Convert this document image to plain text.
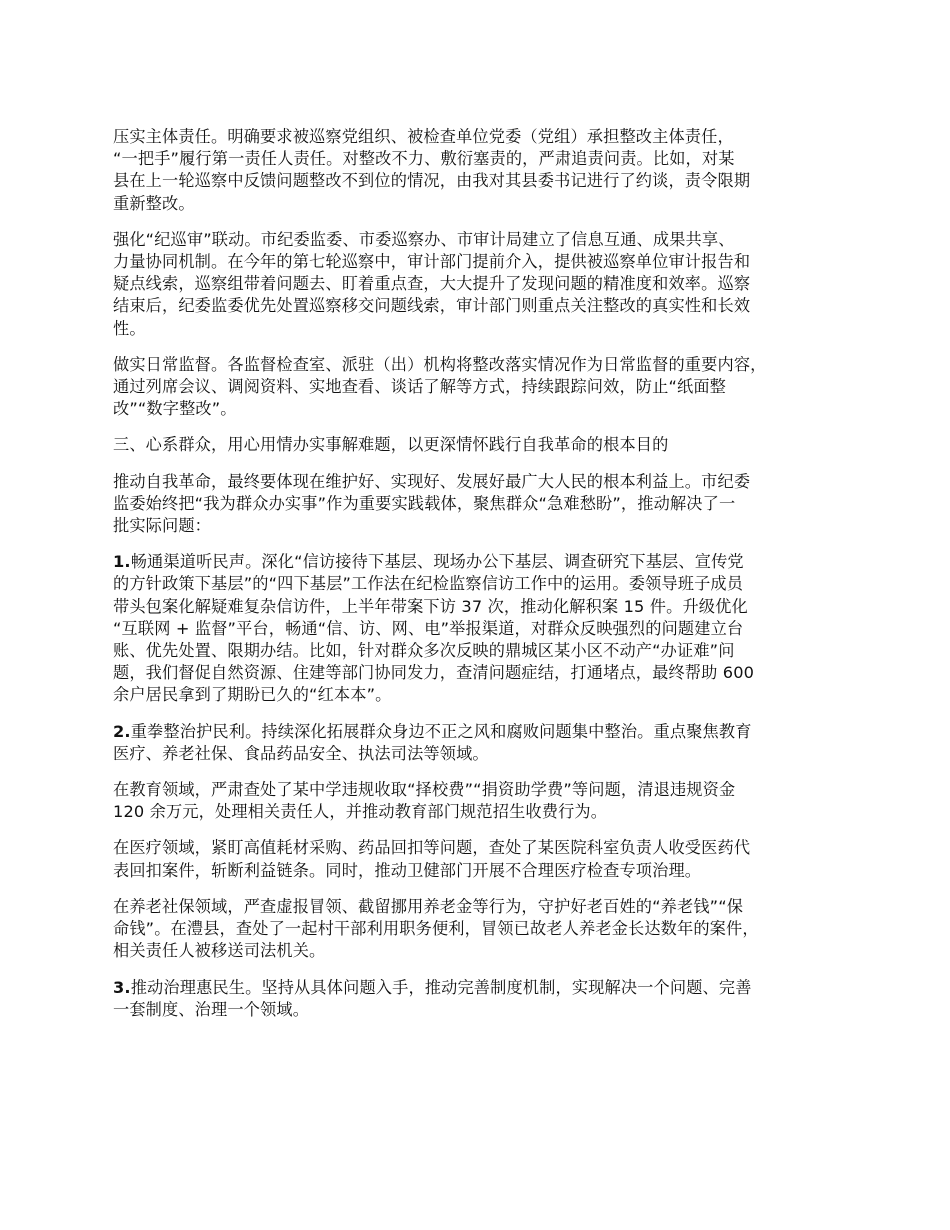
压实主体责任。明确要求被巡察党组织、被检查单位党委（党组）承担整改主体责任，
“一把手”履行第一责任人责任。对整改不力、敷衍塞责的，严肃追责问责。比如，对某
县在上一轮巡察中反馈问题整改不到位的情况，由我对其县委书记进行了约谈，责令限期
重新整改。

强化“纪巡审”联动。市纪委监委、市委巡察办、市审计局建立了信息互通、成果共享、
力量协同机制。在今年的第七轮巡察中，审计部门提前介入，提供被巡察单位审计报告和
疑点线索，巡察组带着问题去、盯着重点查，大大提升了发现问题的精准度和效率。巡察
结束后，纪委监委优先处置巡察移交问题线索，审计部门则重点关注整改的真实性和长效
性。

做实日常监督。各监督检查室、派驻（出）机构将整改落实情况作为日常监督的重要内容，
通过列席会议、调阅资料、实地查看、谈话了解等方式，持续跟踪问效，防止“纸面整
改”“数字整改”。

三、心系群众，用心用情办实事解难题，以更深情怀践行自我革命的根本目的

推动自我革命，最终要体现在维护好、实现好、发展好最广大人民的根本利益上。市纪委
监委始终把“我为群众办实事”作为重要实践载体，聚焦群众“急难愁盼”，推动解决了一
批实际问题：

1.畅通渠道听民声。深化“信访接待下基层、现场办公下基层、调查研究下基层、宣传党
的方针政策下基层”的“四下基层”工作法在纪检监察信访工作中的运用。委领导班子成员
带头包案化解疑难复杂信访件，上半年带案下访 37 次，推动化解积案 15 件。升级优化
“互联网 + 监督”平台，畅通“信、访、网、电”举报渠道，对群众反映强烈的问题建立台
账、优先处置、限期办结。比如，针对群众多次反映的鼎城区某小区不动产“办证难”问
题，我们督促自然资源、住建等部门协同发力，查清问题症结，打通堵点，最终帮助 600
余户居民拿到了期盼已久的“红本本”。

2.重拳整治护民利。持续深化拓展群众身边不正之风和腐败问题集中整治。重点聚焦教育
医疗、养老社保、食品药品安全、执法司法等领域。

在教育领域，严肃查处了某中学违规收取“择校费”“捐资助学费”等问题，清退违规资金
120 余万元，处理相关责任人，并推动教育部门规范招生收费行为。

在医疗领域，紧盯高值耗材采购、药品回扣等问题，查处了某医院科室负责人收受医药代
表回扣案件，斩断利益链条。同时，推动卫健部门开展不合理医疗检查专项治理。

在养老社保领域，严查虚报冒领、截留挪用养老金等行为，守护好老百姓的“养老钱”“保
命钱”。在澧县，查处了一起村干部利用职务便利，冒领已故老人养老金长达数年的案件，
相关责任人被移送司法机关。

3.推动治理惠民生。坚持从具体问题入手，推动完善制度机制，实现解决一个问题、完善
一套制度、治理一个领域。
